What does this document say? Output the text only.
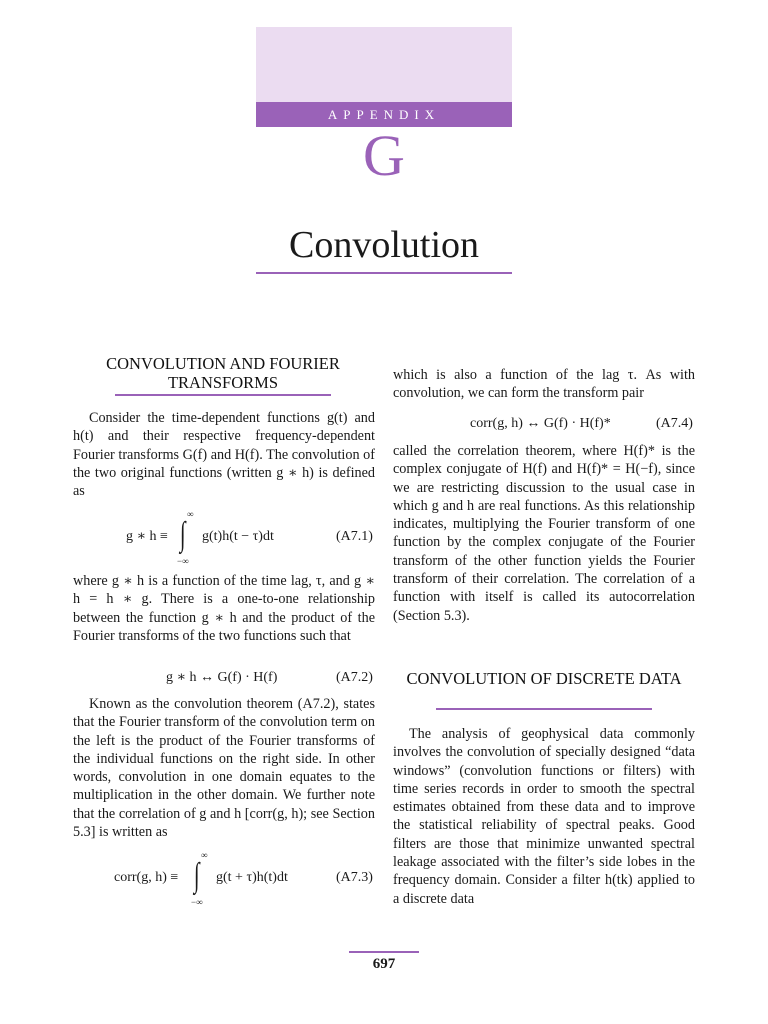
APPENDIX
G
Convolution
CONVOLUTION AND FOURIER TRANSFORMS

Consider the time-dependent functions g(t) and h(t) and their respective frequency-dependent Fourier transforms G(f) and H(f). The convolution of the two original functions (written g ∗ h) is defined as

g ∗ h ≡
∞
∫
−∞
g(t)h(t − τ)dt	(A7.1)

where g ∗ h is a function of the time lag, τ, and g ∗ h = h ∗ g. There is a one-to-one relationship between the function g ∗ h and the product of the Fourier transforms of the two functions such that

g ∗ h ↔ G(f) · H(f)	(A7.2)

Known as the convolution theorem (A7.2), states that the Fourier transform of the convolution term on the left is the product of the Fourier transforms of the individual functions on the right side. In other words, convolution in one domain equates to the multiplication in the other domain. We further note that the correlation of g and h [corr(g, h); see Section 5.3] is written as

corr(g, h) ≡
∞
∫
−∞
g(t + τ)h(t)dt	(A7.3)

which is also a function of the lag τ. As with convolution, we can form the transform pair

corr(g, h) ↔ G(f) · H(f)*	(A7.4)

called the correlation theorem, where H(f)* is the complex conjugate of H(f) and H(f)* = H(−f), since we are restricting discussion to the usual case in which g and h are real functions. As this relationship indicates, multiplying the Fourier transform of one function by the complex conjugate of the Fourier transform of the other function yields the Fourier transform of their correlation. The correlation of a function with itself is called its autocorrelation (Section 5.3).

CONVOLUTION OF DISCRETE DATA

The analysis of geophysical data commonly involves the convolution of specially designed “data windows” (convolution functions or filters) with time series records in order to smooth the spectral estimates obtained from these data and to improve the statistical reliability of spectral peaks. Good filters are those that minimize unwanted spectral leakage associated with the filter’s side lobes in the frequency domain. Consider a filter h(tk) applied to a discrete data

697
